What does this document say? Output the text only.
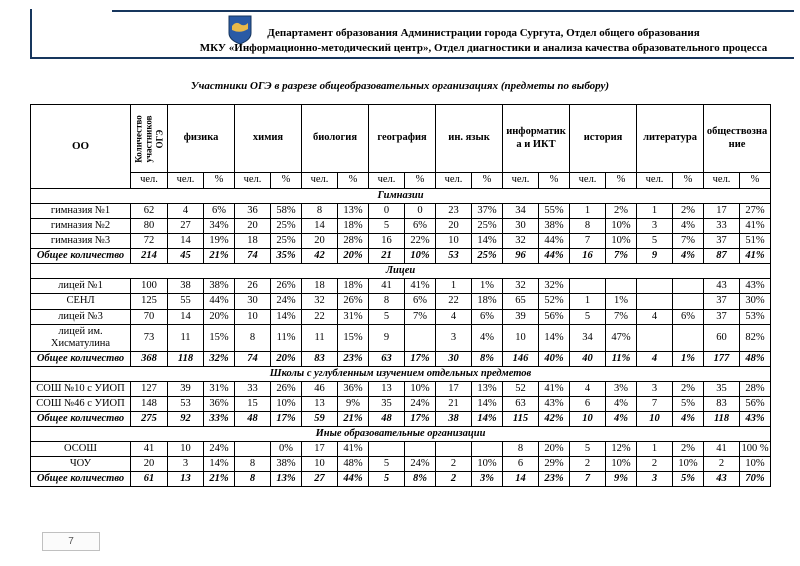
Департамент образования Администрации города Сургута, Отдел общего образования
МКУ «Информационно-методический центр», Отдел диагностики и анализа качества образовательного процесса
Участники ОГЭ в разрезе общеобразовательных организациях (предметы по выбору)
ОО	Количество участников ОГЭ	физика		химия		биология		география		ин. язык		информатика и ИКТ		история		литература		обществознание	
	чел.	чел.	%	чел.	%	чел.	%	чел.	%	чел.	%	чел.	%	чел.	%	чел.	%	чел.	%
Гимназии																			
гимназия №1	62	4	6%	36	58%	8	13%	0	0	23	37%	34	55%	1	2%	1	2%	17	27%
гимназия №2	80	27	34%	20	25%	14	18%	5	6%	20	25%	30	38%	8	10%	3	4%	33	41%
гимназия №3	72	14	19%	18	25%	20	28%	16	22%	10	14%	32	44%	7	10%	5	7%	37	51%
Общее количество	214	45	21%	74	35%	42	20%	21	10%	53	25%	96	44%	16	7%	9	4%	87	41%
Лицеи																			
лицей №1	100	38	38%	26	26%	18	18%	41	41%	1	1%	32	32%					43	43%
СЕНЛ	125	55	44%	30	24%	32	26%	8	6%	22	18%	65	52%	1	1%			37	30%
лицей №3	70	14	20%	10	14%	22	31%	5	7%	4	6%	39	56%	5	7%	4	6%	37	53%
лицей им. Хисматулина	73	11	15%	8	11%	11	15%	9		3	4%	10	14%	34	47%			60	82%
Общее количество	368	118	32%	74	20%	83	23%	63	17%	30	8%	146	40%	40	11%	4	1%	177	48%
Школы с углубленным изучением отдельных предметов																			
СОШ №10 с УИОП	127	39	31%	33	26%	46	36%	13	10%	17	13%	52	41%	4	3%	3	2%	35	28%
СОШ №46 с УИОП	148	53	36%	15	10%	13	9%	35	24%	21	14%	63	43%	6	4%	7	5%	83	56%
Общее количество	275	92	33%	48	17%	59	21%	48	17%	38	14%	115	42%	10	4%	10	4%	118	43%
Иные образовательные организации																			
ОСОШ	41	10	24%		0%	17	41%					8	20%	5	12%	1	2%	41	100 %
ЧОУ	20	3	14%	8	38%	10	48%	5	24%	2	10%	6	29%	2	10%	2	10%	2	10%
Общее количество	61	13	21%	8	13%	27	44%	5	8%	2	3%	14	23%	7	9%	3	5%	43	70%
7
